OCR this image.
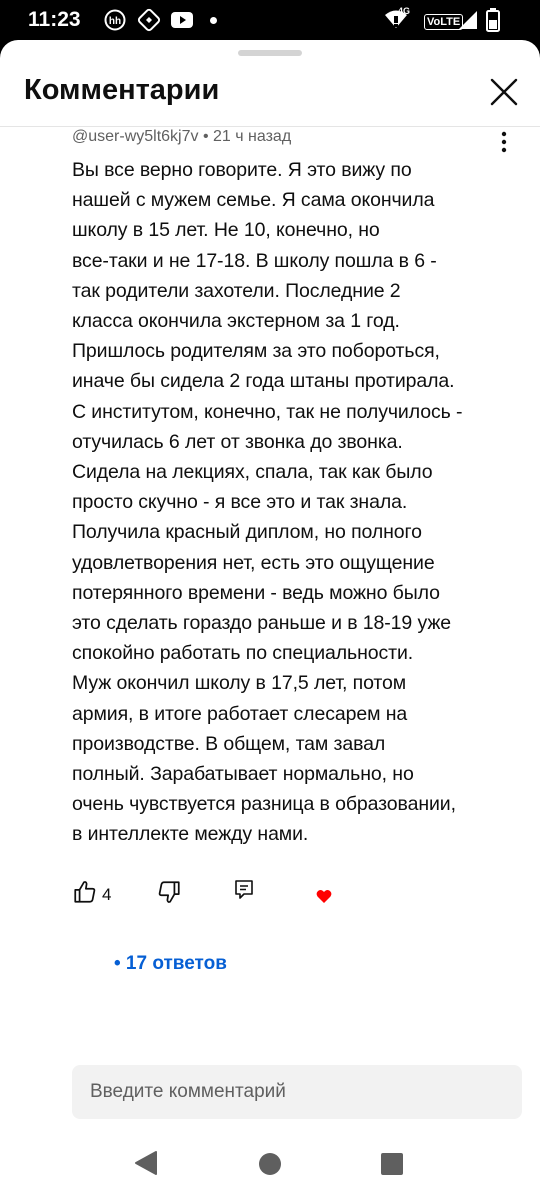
11:23	hh
4G
VoLTE
Комментарии
@user-wy5lt6kj7v • 21 ч назад
Вы все верно говорите. Я это вижу по
нашей с мужем семье. Я сама окончила
школу в 15 лет. Не 10, конечно, но
все-таки и не 17-18. В школу пошла в 6 -
так родители захотели. Последние 2
класса окончила экстерном за 1 год.
Пришлось родителям за это побороться,
иначе бы сидела 2 года штаны протирала.
С институтом, конечно, так не получилось -
отучилась 6 лет от звонка до звонка.
Сидела на лекциях, спала, так как было
просто скучно - я все это и так знала.
Получила красный диплом, но полного
удовлетворения нет, есть это ощущение
потерянного времени - ведь можно было
это сделать гораздо раньше и в 18-19 уже
спокойно работать по специальности.
Муж окончил школу в 17,5 лет, потом
армия, в итоге работает слесарем на
производстве. В общем, там завал
полный. Зарабатывает нормально, но
очень чувствуется разница в образовании,
в интеллекте между нами.
4
• 17 ответов
Введите комментарий
